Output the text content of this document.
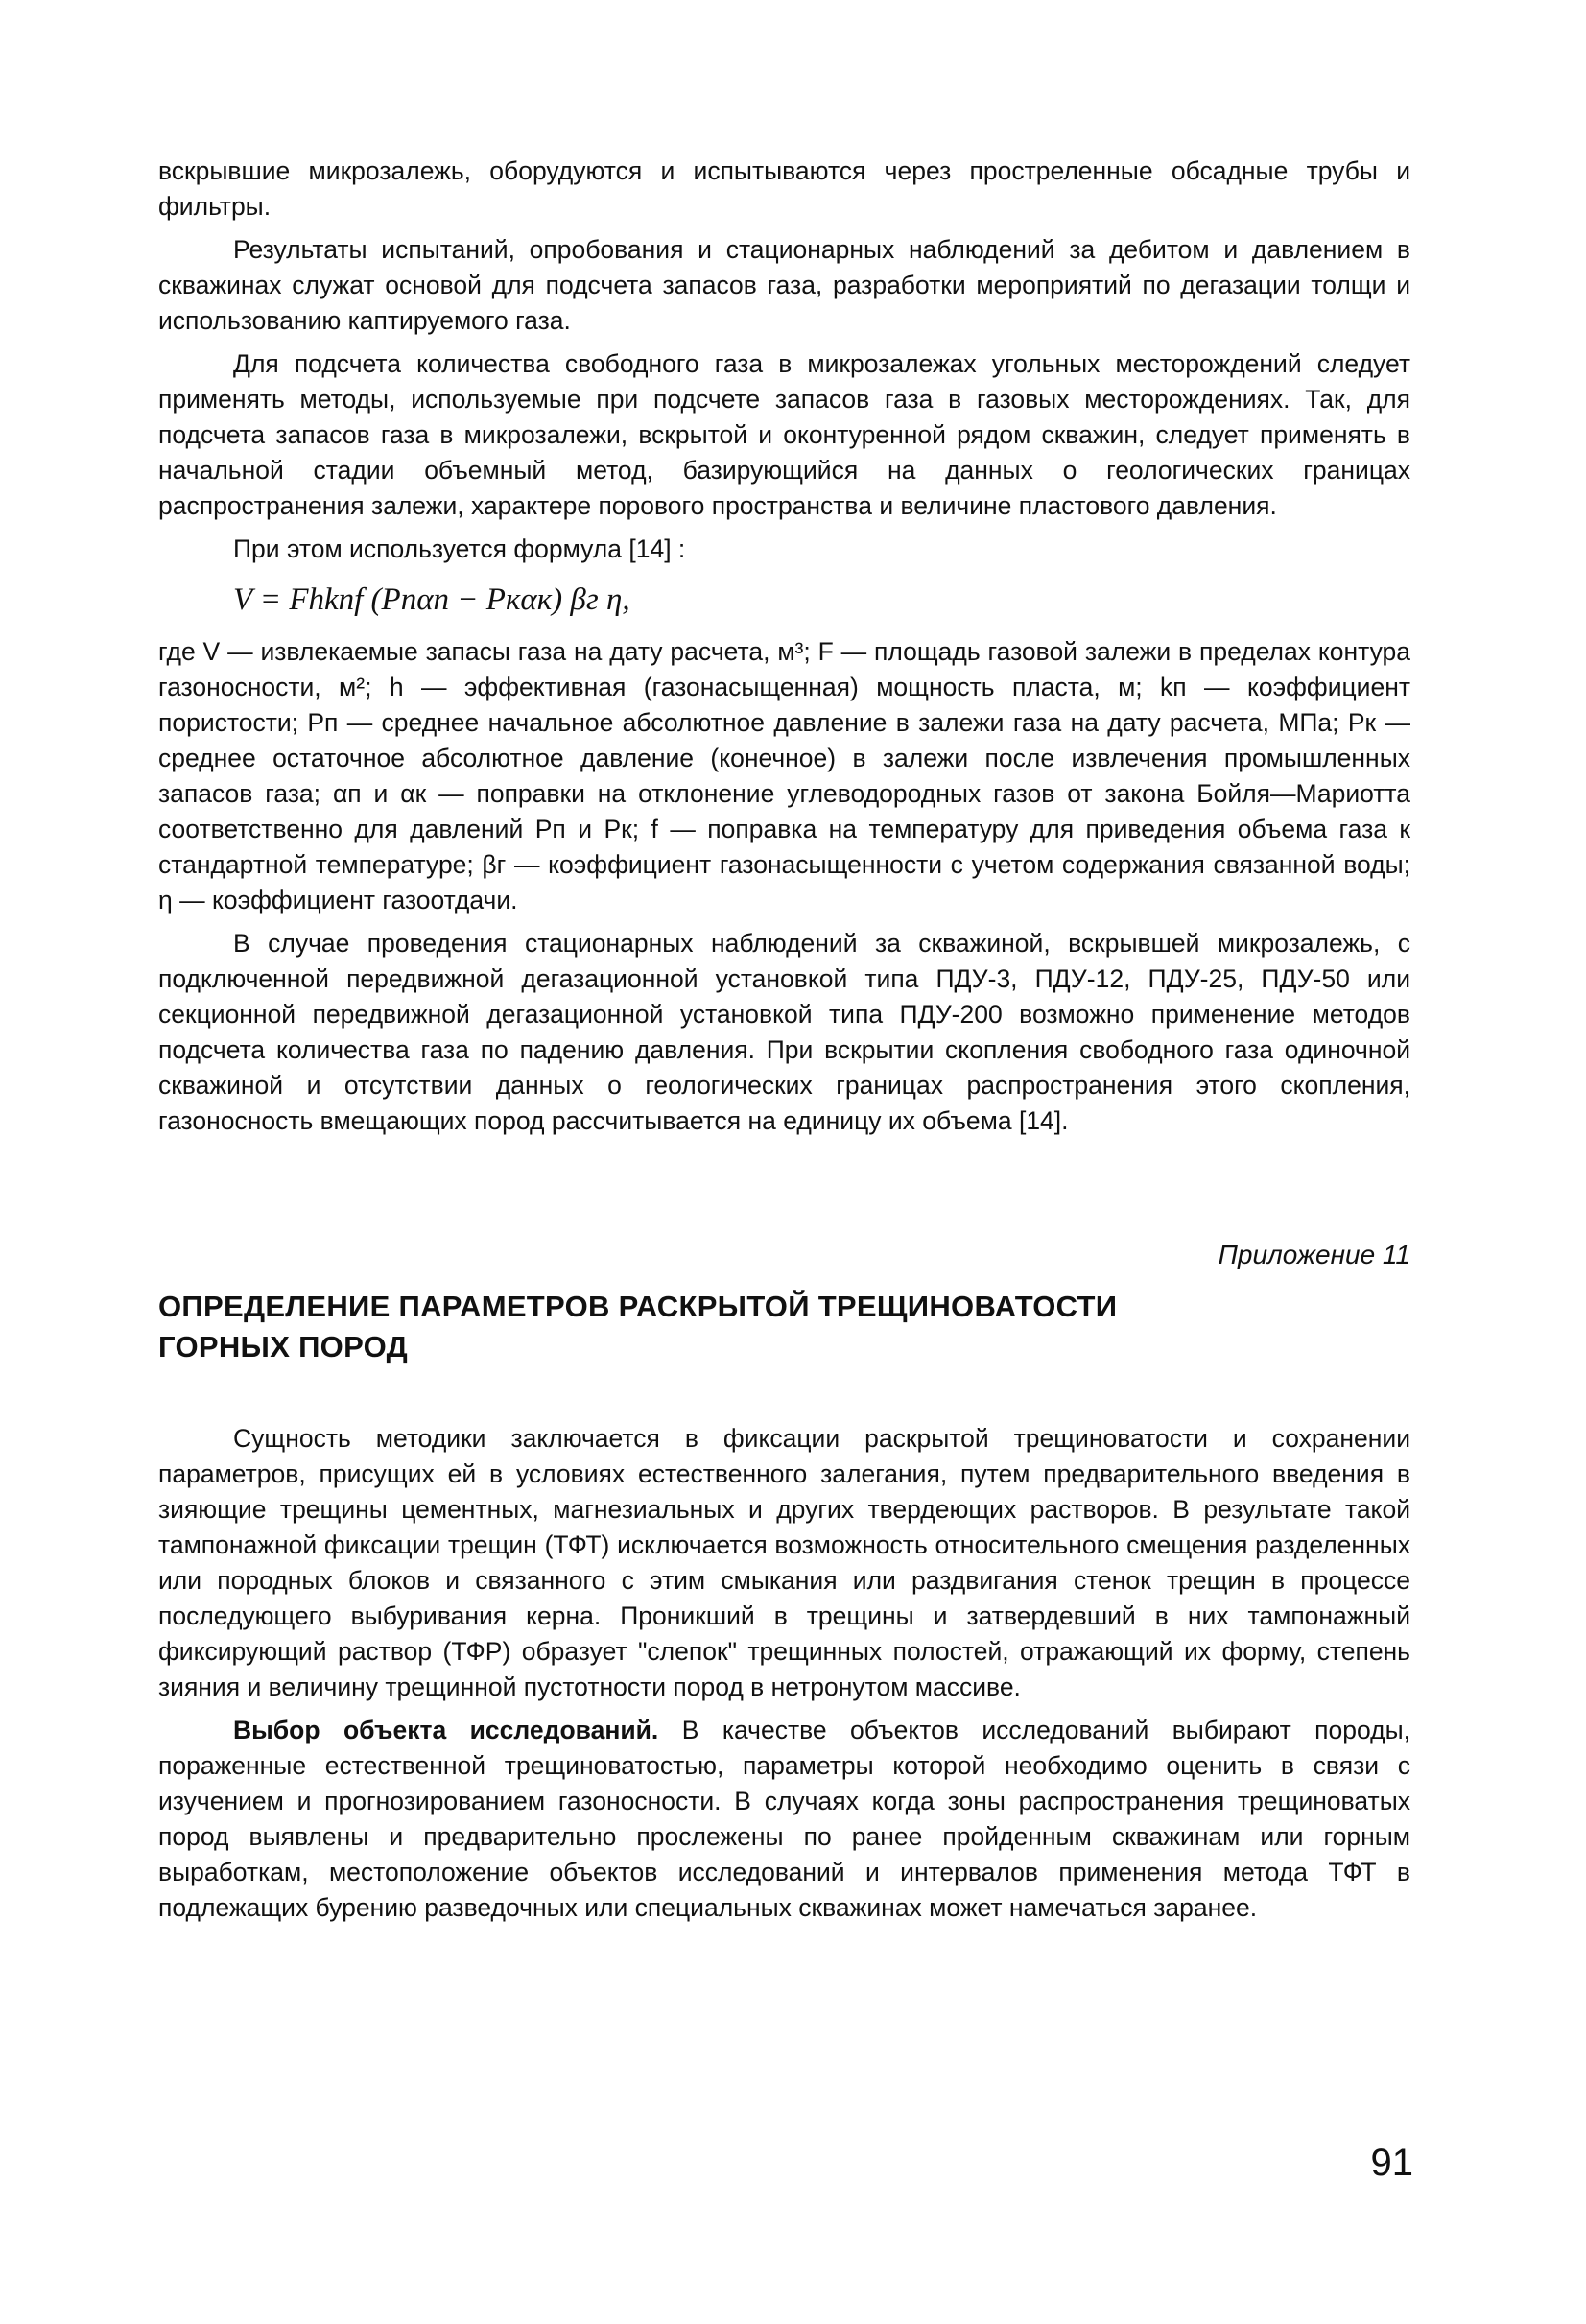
вскрывшие микрозалежь, оборудуются и испытываются через простреленные обсадные трубы и фильтры.

Результаты испытаний, опробования и стационарных наблюдений за дебитом и давлением в скважинах служат основой для подсчета запасов газа, разработки мероприятий по дегазации толщи и использованию каптируемого газа.

Для подсчета количества свободного газа в микрозалежах угольных месторождений следует применять методы, используемые при подсчете запасов газа в газовых месторождениях. Так, для подсчета запасов газа в микрозалежи, вскрытой и оконтуренной рядом скважин, следует применять в начальной стадии объемный метод, базирующийся на данных о геологических границах распространения залежи, характере порового пространства и величине пластового давления.

При этом используется формула [14] :

V = Fhkпf (Pпαп − Pкαк) βг η,

где V — извлекаемые запасы газа на дату расчета, м³; F — площадь газовой залежи в пределах контура газоносности, м²; h — эффективная (газонасыщенная) мощность пласта, м; kп — коэффициент пористости; Pп — среднее начальное абсолютное давление в залежи газа на дату расчета, МПа; Pк — среднее остаточное абсолютное давление (конечное) в залежи после извлечения промышленных запасов газа; αп и αк — поправки на отклонение углеводородных газов от закона Бойля—Мариотта соответственно для давлений Pп и Pк; f — поправка на температуру для приведения объема газа к стандартной температуре; βг — коэффициент газонасыщенности с учетом содержания связанной воды; η — коэффициент газоотдачи.

В случае проведения стационарных наблюдений за скважиной, вскрывшей микрозалежь, с подключенной передвижной дегазационной установкой типа ПДУ-3, ПДУ-12, ПДУ-25, ПДУ-50 или секционной передвижной дегазационной установкой типа ПДУ-200 возможно применение методов подсчета количества газа по падению давления. При вскрытии скопления свободного газа одиночной скважиной и отсутствии данных о геологических границах распространения этого скопления, газоносность вмещающих пород рассчитывается на единицу их объема [14].

Приложение 11
ОПРЕДЕЛЕНИЕ ПАРАМЕТРОВ РАСКРЫТОЙ ТРЕЩИНОВАТОСТИ ГОРНЫХ ПОРОД

Сущность методики заключается в фиксации раскрытой трещиноватости и сохранении параметров, присущих ей в условиях естественного залегания, путем предварительного введения в зияющие трещины цементных, магнезиальных и других твердеющих растворов. В результате такой тампонажной фиксации трещин (ТФТ) исключается возможность относительного смещения разделенных или породных блоков и связанного с этим смыкания или раздвигания стенок трещин в процессе последующего выбуривания керна. Проникший в трещины и затвердевший в них тампонажный фиксирующий раствор (ТФР) образует "слепок" трещинных полостей, отражающий их форму, степень зияния и величину трещинной пустотности пород в нетронутом массиве.

Выбор объекта исследований. В качестве объектов исследований выбирают породы, пораженные естественной трещиноватостью, параметры которой необходимо оценить в связи с изучением и прогнозированием газоносности. В случаях когда зоны распространения трещиноватых пород выявлены и предварительно прослежены по ранее пройденным скважинам или горным выработкам, местоположение объектов исследований и интервалов применения метода ТФТ в подлежащих бурению разведочных или специальных скважинах может намечаться заранее.

91
